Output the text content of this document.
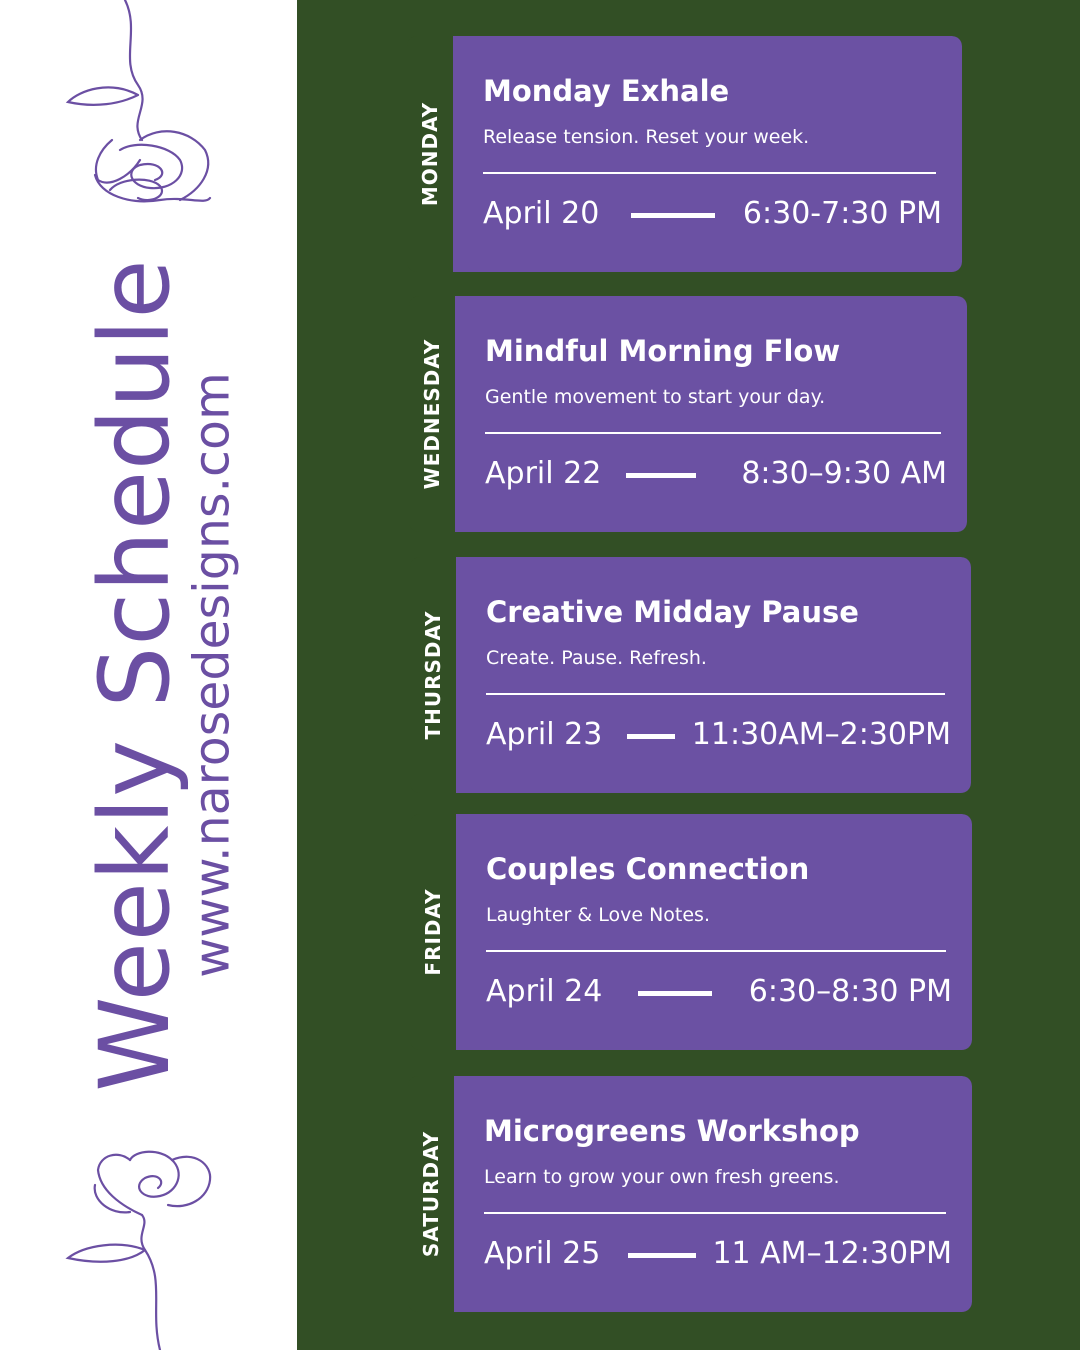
Weekly Schedule
www.narosedesigns.com
MONDAY
Monday Exhale
Release tension. Reset your week.
April 20	6:30-7:30 PM
WEDNESDAY Mindful Morning Flow
Gentle movement to start your day.
April 22	8:30–9:30 AM
THURSDAY Creative Midday Pause
Create. Pause. Refresh.
April 23	11:30AM–2:30PM
FRIDAY
Couples Connection
Laughter & Love Notes.
April 24	6:30–8:30 PM
SATURDAY Microgreens Workshop
Learn to grow your own fresh greens.
April 25	11 AM–12:30PM
